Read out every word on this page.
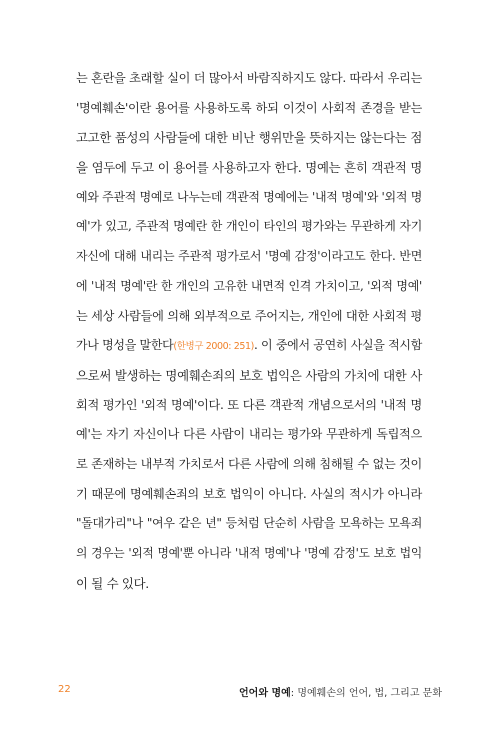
는 혼란을 초래할 실이 더 많아서 바람직하지도 않다. 따라서 우리는
'명예훼손'이란 용어를 사용하도록 하되 이것이 사회적 존경을 받는
고고한 품성의 사람들에 대한 비난 행위만을 뜻하지는 않는다는 점
을 염두에 두고 이 용어를 사용하고자 한다. 명예는 흔히 객관적 명
예와 주관적 명예로 나누는데 객관적 명예에는 '내적 명예'와 '외적 명
예'가 있고, 주관적 명예란 한 개인이 타인의 평가와는 무관하게 자기
자신에 대해 내리는 주관적 평가로서 '명예 감정'이라고도 한다. 반면
에 '내적 명예'란 한 개인의 고유한 내면적 인격 가치이고, '외적 명예'
는 세상 사람들에 의해 외부적으로 주어지는, 개인에 대한 사회적 평
가나 명성을 말한다(한병구 2000: 251). 이 중에서 공연히 사실을 적시함
으로써 발생하는 명예훼손죄의 보호 법익은 사람의 가치에 대한 사
회적 평가인 '외적 명예'이다. 또 다른 객관적 개념으로서의 '내적 명
예'는 자기 자신이나 다른 사람이 내리는 평가와 무관하게 독립적으
로 존재하는 내부적 가치로서 다른 사람에 의해 침해될 수 없는 것이
기 때문에 명예훼손죄의 보호 법익이 아니다. 사실의 적시가 아니라
"돌대가리"나 "여우 같은 년" 등처럼 단순히 사람을 모욕하는 모욕죄
의 경우는 '외적 명예'뿐 아니라 '내적 명예'나 '명예 감정'도 보호 법익
이 될 수 있다.
22	언어와 명예: 명예훼손의 언어, 법, 그리고 문화
